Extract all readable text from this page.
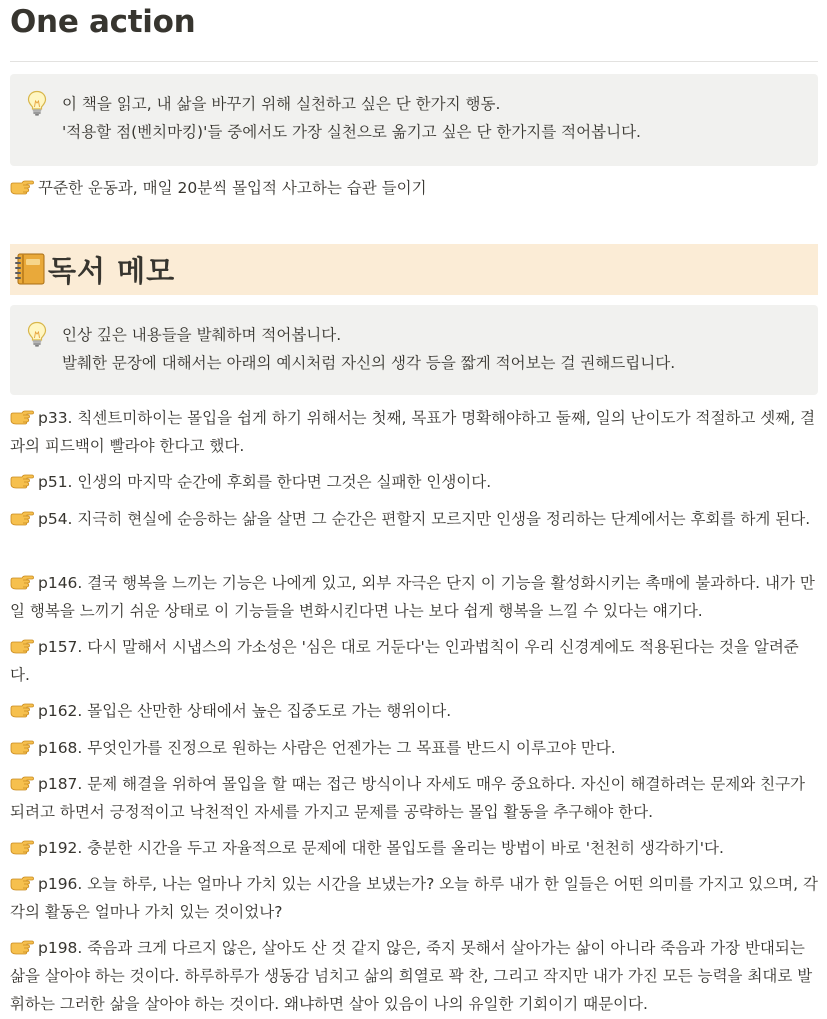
One action
이 책을 읽고, 내 삶을 바꾸기 위해 실천하고 싶은 단 한가지 행동.
'적용할 점(벤치마킹)'들 중에서도 가장 실천으로 옮기고 싶은 단 한가지를 적어봅니다.
꾸준한 운동과, 매일 20분씩 몰입적 사고하는 습관 들이기
독서 메모
인상 깊은 내용들을 발췌하며 적어봅니다.
발췌한 문장에 대해서는 아래의 예시처럼 자신의 생각 등을 짧게 적어보는 걸 권해드립니다.
p33. 칙센트미하이는 몰입을 쉽게 하기 위해서는 첫째, 목표가 명확해야하고 둘째, 일의 난이도가 적절하고 셋째, 결과의 피드백이 빨라야 한다고 했다.
p51. 인생의 마지막 순간에 후회를 한다면 그것은 실패한 인생이다.
p54. 지극히 현실에 순응하는 삶을 살면 그 순간은 편할지 모르지만 인생을 정리하는 단계에서는 후회를 하게 된다.
p146. 결국 행복을 느끼는 기능은 나에게 있고, 외부 자극은 단지 이 기능을 활성화시키는 촉매에 불과하다. 내가 만일 행복을 느끼기 쉬운 상태로 이 기능들을 변화시킨다면 나는 보다 쉽게 행복을 느낄 수 있다는 얘기다.
p157. 다시 말해서 시냅스의 가소성은 '심은 대로 거둔다'는 인과법칙이 우리 신경계에도 적용된다는 것을 알려준다.
p162. 몰입은 산만한 상태에서 높은 집중도로 가는 행위이다.
p168. 무엇인가를 진정으로 원하는 사람은 언젠가는 그 목표를 반드시 이루고야 만다.
p187. 문제 해결을 위하여 몰입을 할 때는 접근 방식이나 자세도 매우 중요하다. 자신이 해결하려는 문제와 친구가 되려고 하면서 긍정적이고 낙천적인 자세를 가지고 문제를 공략하는 몰입 활동을 추구해야 한다.
p192. 충분한 시간을 두고 자율적으로 문제에 대한 몰입도를 올리는 방법이 바로 '천천히 생각하기'다.
p196. 오늘 하루, 나는 얼마나 가치 있는 시간을 보냈는가? 오늘 하루 내가 한 일들은 어떤 의미를 가지고 있으며, 각각의 활동은 얼마나 가치 있는 것이었나?
p198. 죽음과 크게 다르지 않은, 살아도 산 것 같지 않은, 죽지 못해서 살아가는 삶이 아니라 죽음과 가장 반대되는 삶을 살아야 하는 것이다. 하루하루가 생동감 넘치고 삶의 희열로 꽉 찬, 그리고 작지만 내가 가진 모든 능력을 최대로 발휘하는 그러한 삶을 살아야 하는 것이다. 왜냐하면 살아 있음이 나의 유일한 기회이기 때문이다.
